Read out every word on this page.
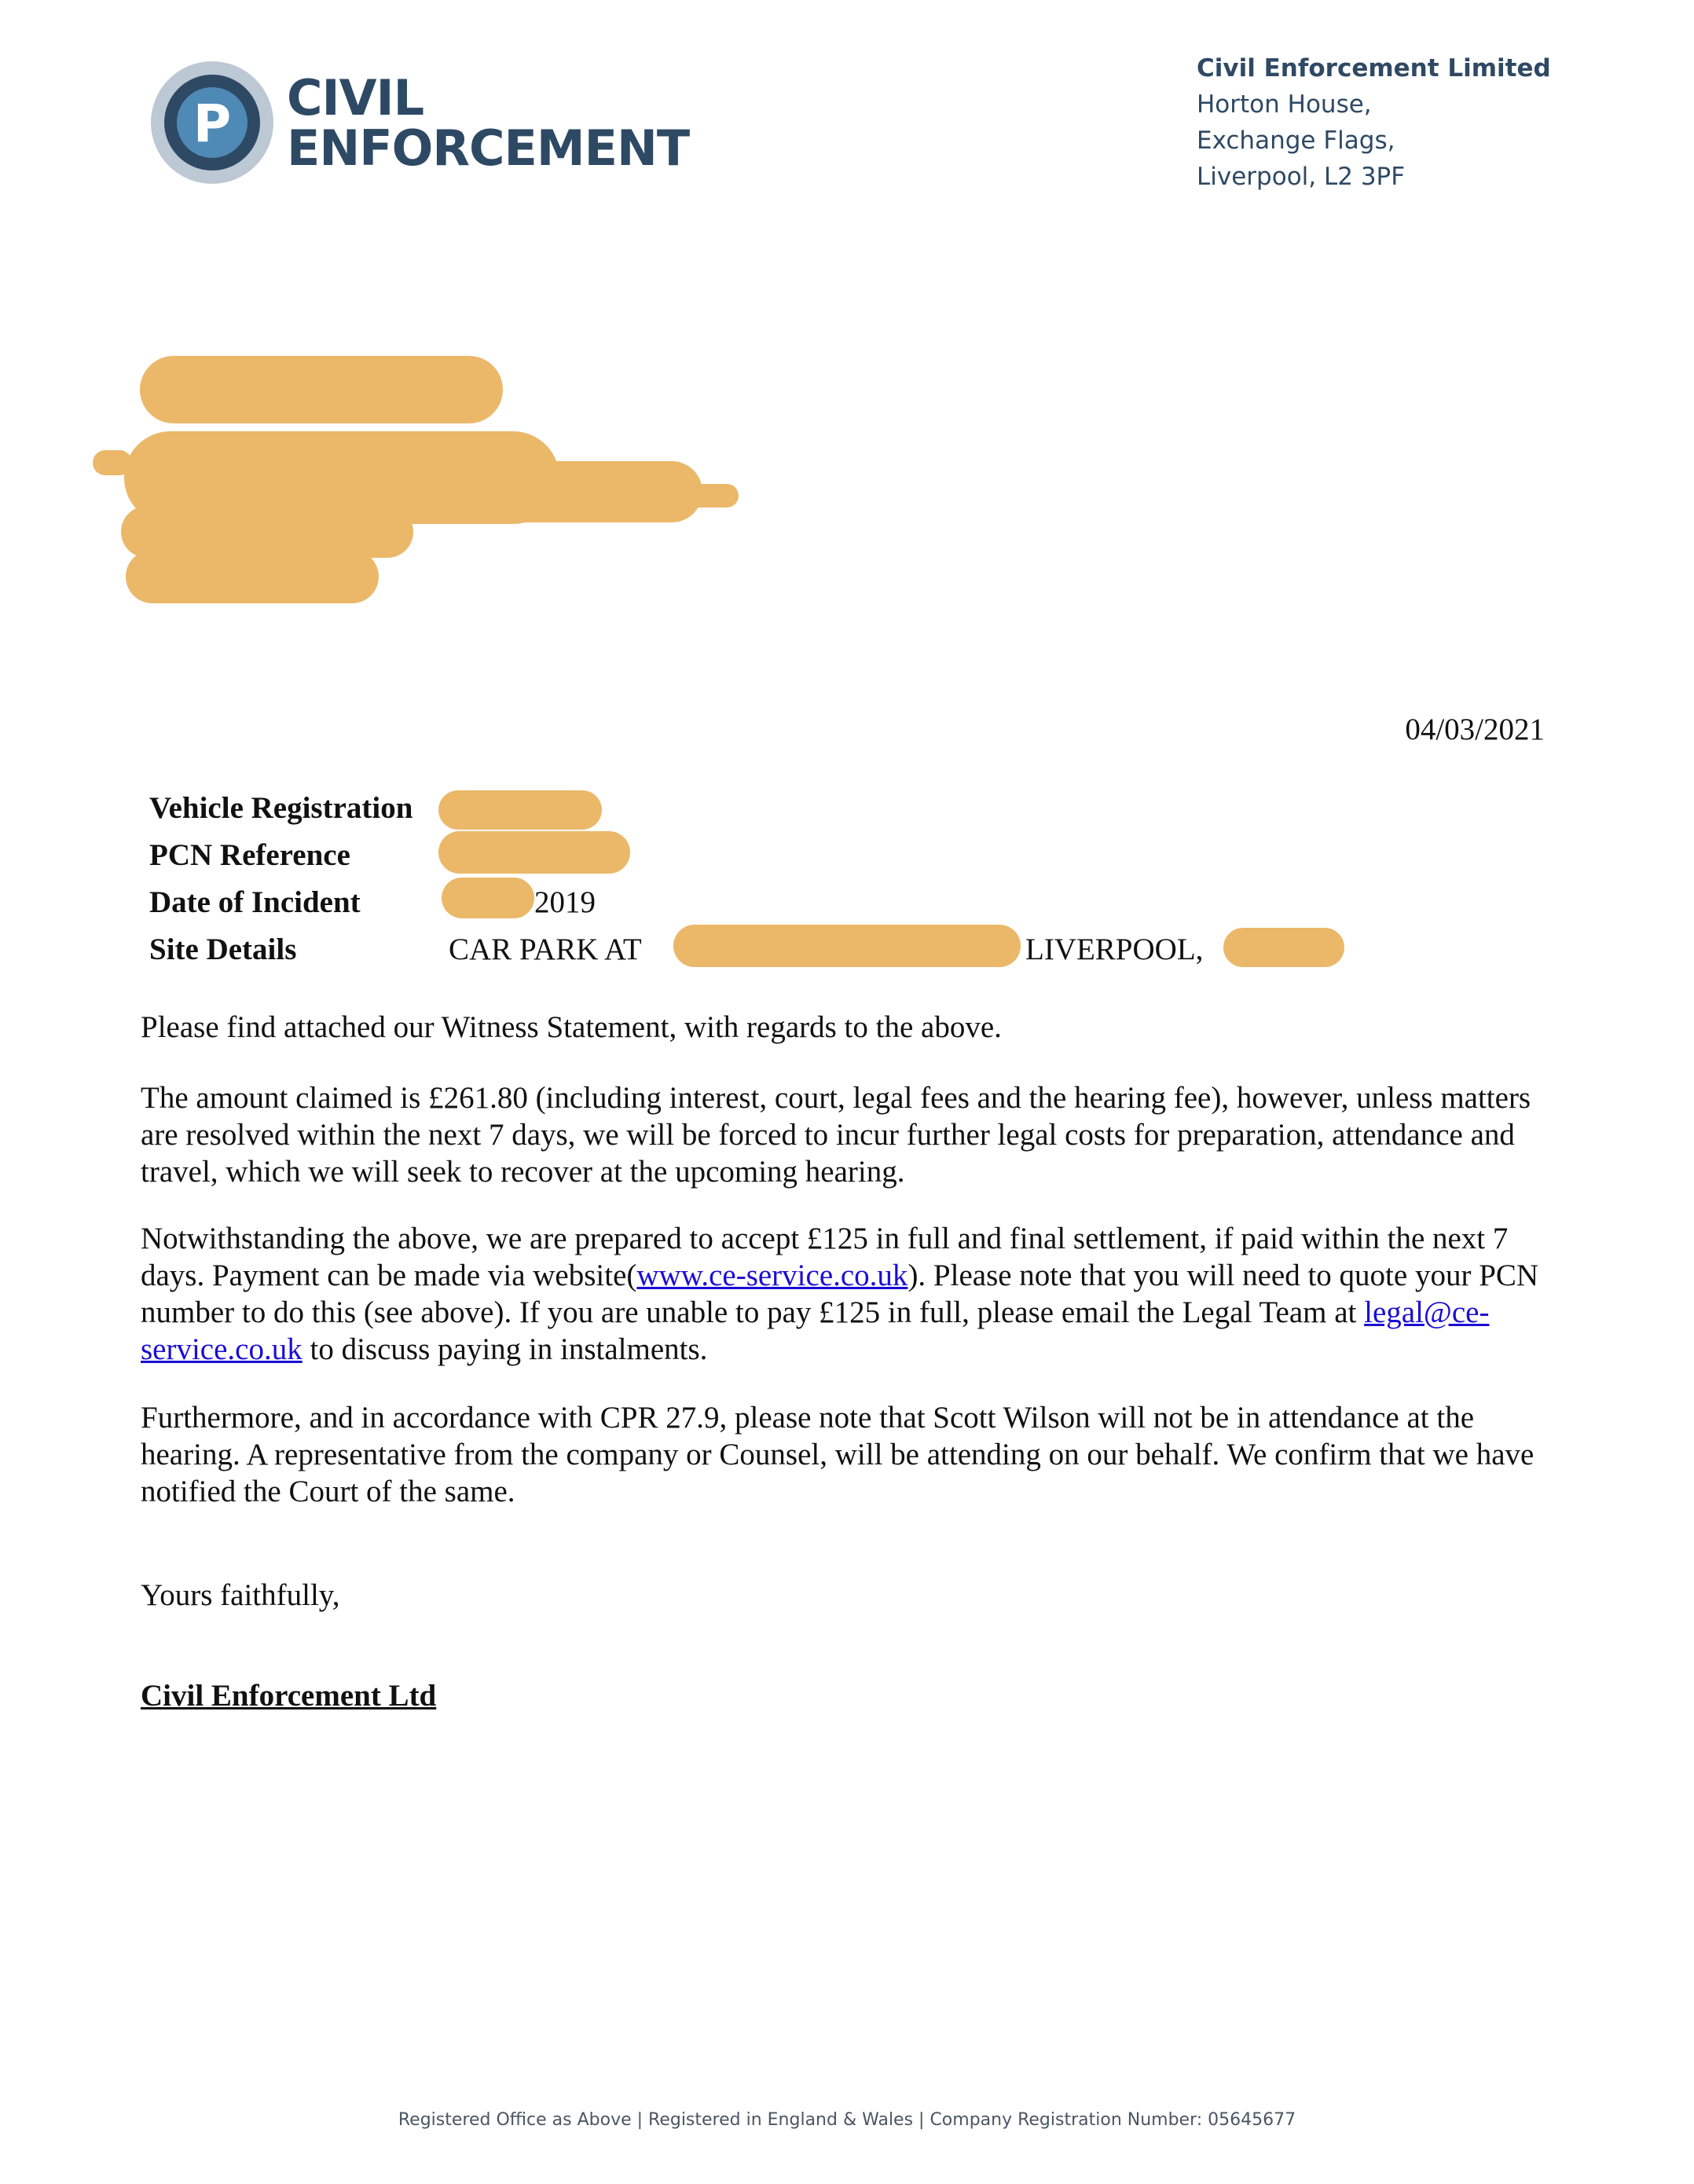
P CIVIL
ENFORCEMENT
Civil Enforcement Limited
Horton House,
Exchange Flags,
Liverpool, L2 3PF
04/03/2021
Vehicle Registration
PCN Reference
Date of Incident	2019
Site Details	CAR PARK AT	LIVERPOOL,

Please find attached our Witness Statement, with regards to the above.

The amount claimed is £261.80 (including interest, court, legal fees and the hearing fee), however, unless matters are resolved within the next 7 days, we will be forced to incur further legal costs for preparation, attendance and travel, which we will seek to recover at the upcoming hearing.

Notwithstanding the above, we are prepared to accept £125 in full and final settlement, if paid within the next 7 days. Payment can be made via website(www.ce-service.co.uk). Please note that you will need to quote your PCN number to do this (see above). If you are unable to pay £125 in full, please email the Legal Team at legal@ce-service.co.uk to discuss paying in instalments.

Furthermore, and in accordance with CPR 27.9, please note that Scott Wilson will not be in attendance at the hearing. A representative from the company or Counsel, will be attending on our behalf. We confirm that we have notified the Court of the same.

Yours faithfully,
Civil Enforcement Ltd
Registered Office as Above | Registered in England & Wales | Company Registration Number: 05645677
